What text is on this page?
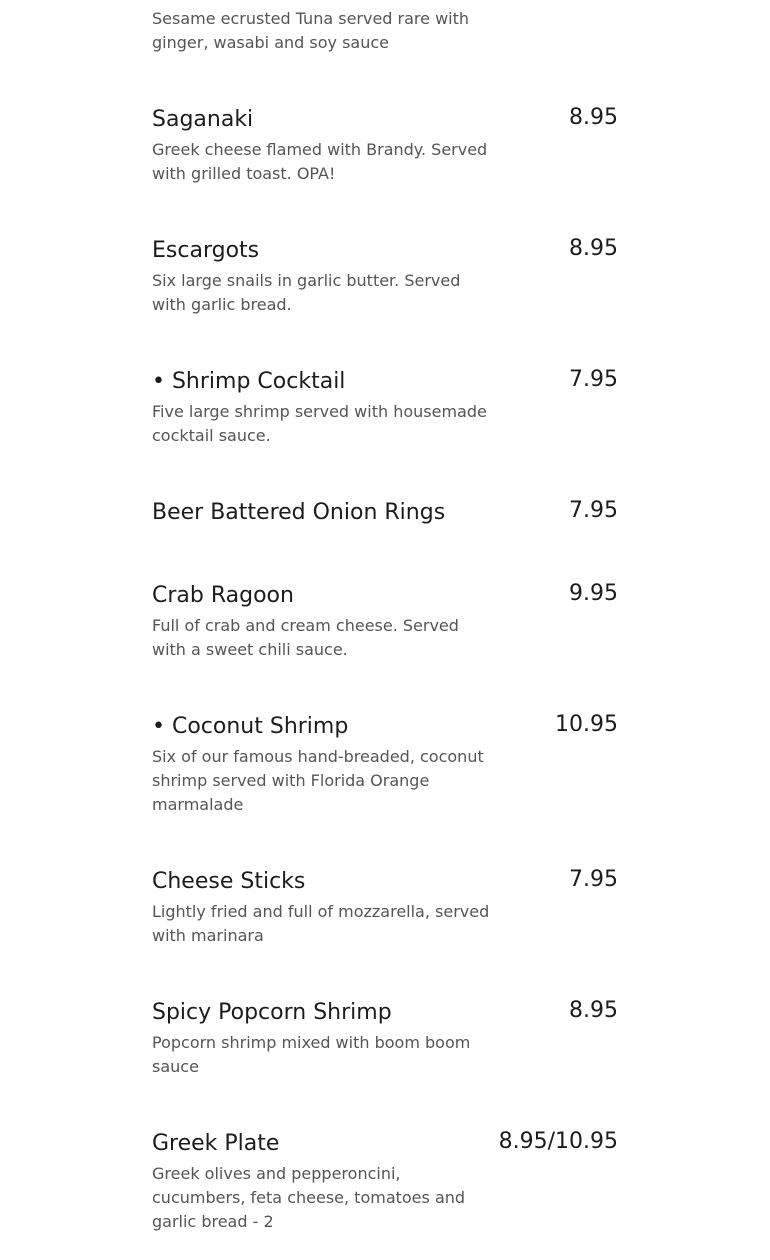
Sesame ecrusted Tuna served rare with ginger, wasabi and soy sauce
Saganaki	8.95
Greek cheese flamed with Brandy. Served with grilled toast. OPA!
Escargots	8.95
Six large snails in garlic butter. Served with garlic bread.
• Shrimp Cocktail	7.95
Five large shrimp served with housemade cocktail sauce.
Beer Battered Onion Rings	7.95
Crab Ragoon	9.95
Full of crab and cream cheese. Served with a sweet chili sauce.
• Coconut Shrimp	10.95
Six of our famous hand-breaded, coconut shrimp served with Florida Orange marmalade
Cheese Sticks	7.95
Lightly fried and full of mozzarella, served with marinara
Spicy Popcorn Shrimp	8.95
Popcorn shrimp mixed with boom boom sauce
Greek Plate	8.95/10.95
Greek olives and pepperoncini, cucumbers, feta cheese, tomatoes and garlic bread - 2
